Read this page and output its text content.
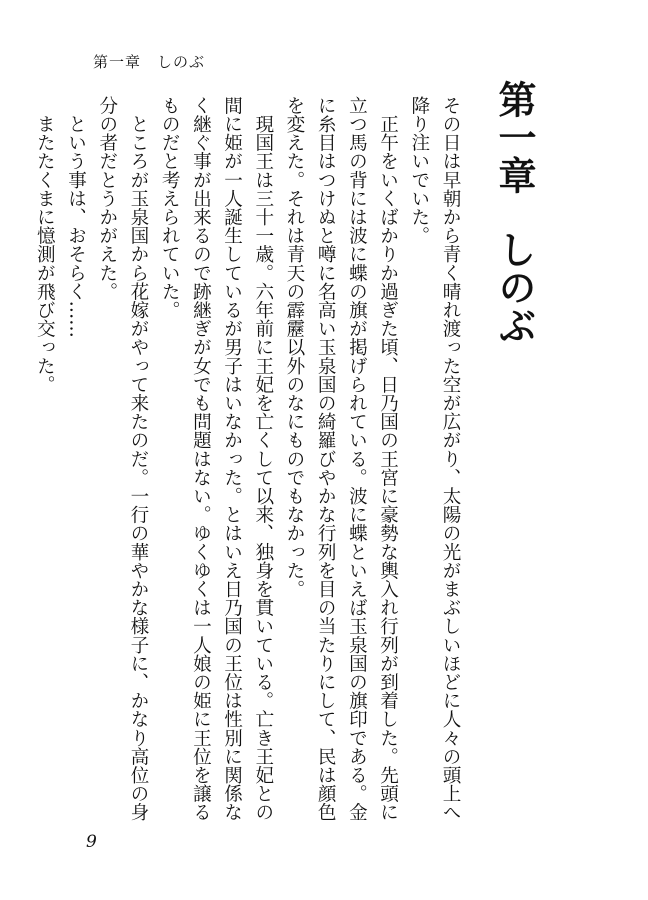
第一章　しのぶ
第一章しのぶ

その日は早朝から青く晴れ渡った空が広がり、太陽の光がまぶしいほどに人々の頭上へ降り注いでいた。

　正午をいくばかりか過ぎた頃、日乃国の王宮に豪勢な輿入れ行列が到着した。先頭に立つ馬の背には波に蝶の旗が掲げられている。波に蝶といえば玉泉国の旗印である。金に糸目はつけぬと噂に名高い玉泉国の綺羅びやかな行列を目の当たりにして、民は顔色を変えた。それは青天の霹靂以外のなにものでもなかった。

　現国王は三十一歳。六年前に王妃を亡くして以来、独身を貫いている。亡き王妃との間に姫が一人誕生しているが男子はいなかった。とはいえ日乃国の王位は性別に関係なく継ぐ事が出来るので跡継ぎが女でも問題はない。ゆくゆくは一人娘の姫に王位を譲るものだと考えられていた。

　ところが玉泉国から花嫁がやって来たのだ。一行の華やかな様子に、かなり高位の身分の者だとうかがえた。

　という事は、おそらく……

　またたくまに憶測が飛び交った。

9
